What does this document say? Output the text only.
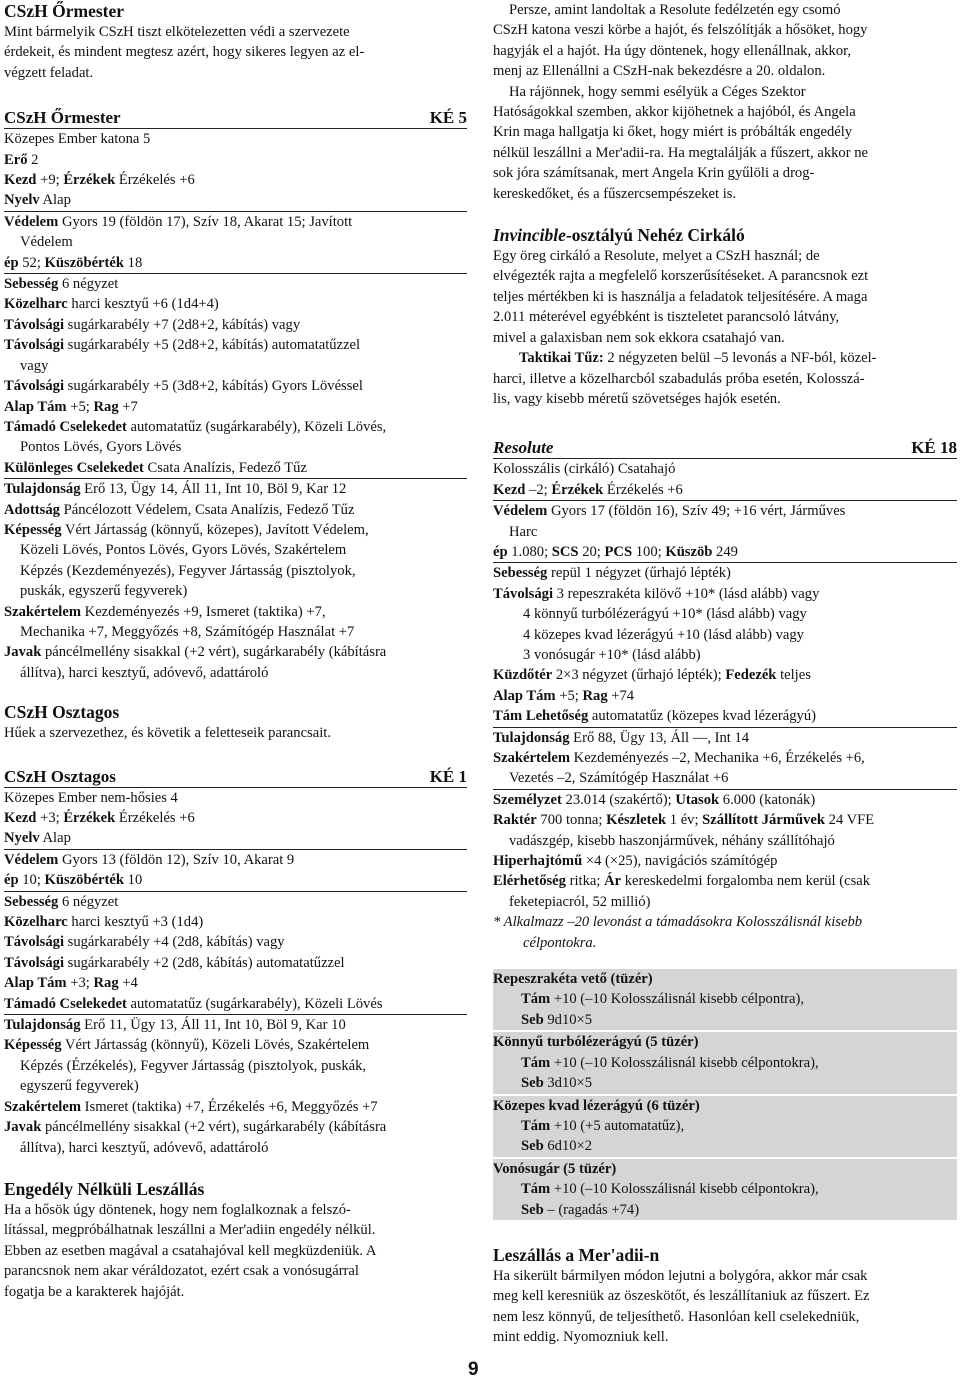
CSzH Őrmester
Mint bármelyik CSzH tiszt elkötelezetten védi a szervezete
érdekeit, és mindent megtesz azért, hogy sikeres legyen az el-
végzett feladat.
CSzH Őrmester	KÉ 5
Közepes Ember katona 5
Erő 2
Kezd +9; Érzékek Érzékelés +6
Nyelv Alap
Védelem Gyors 19 (földön 17), Szív 18, Akarat 15; Javított
Védelem
ép 52; Küszöbérték 18
Sebesség 6 négyzet
Közelharc harci kesztyű +6 (1d4+4)
Távolsági sugárkarabély +7 (2d8+2, kábítás) vagy
Távolsági sugárkarabély +5 (2d8+2, kábítás) automatatűzzel
vagy
Távolsági sugárkarabély +5 (3d8+2, kábítás) Gyors Lövéssel
Alap Tám +5; Rag +7
Támadó Cselekedet automatatűz (sugárkarabély), Közeli Lövés,
Pontos Lövés, Gyors Lövés
Különleges Cselekedet Csata Analízis, Fedező Tűz
Tulajdonság Erő 13, Ügy 14, Áll 11, Int 10, Böl 9, Kar 12
Adottság Páncélozott Védelem, Csata Analízis, Fedező Tűz
Képesség Vért Jártasság (könnyű, közepes), Javított Védelem,
Közeli Lövés, Pontos Lövés, Gyors Lövés, Szakértelem
Képzés (Kezdeményezés), Fegyver Jártasság (pisztolyok,
puskák, egyszerű fegyverek)
Szakértelem Kezdeményezés +9, Ismeret (taktika) +7,
Mechanika +7, Meggyőzés +8, Számítógép Használat +7
Javak páncélmellény sisakkal (+2 vért), sugárkarabély (kábításra
állítva), harci kesztyű, adóvevő, adattároló
CSzH Osztagos
Hűek a szervezethez, és követik a feletteseik parancsait.
CSzH Osztagos	KÉ 1
Közepes Ember nem-hősies 4
Kezd +3; Érzékek Érzékelés +6
Nyelv Alap
Védelem Gyors 13 (földön 12), Szív 10, Akarat 9
ép 10; Küszöbérték 10
Sebesség 6 négyzet
Közelharc harci kesztyű +3 (1d4)
Távolsági sugárkarabély +4 (2d8, kábítás) vagy
Távolsági sugárkarabély +2 (2d8, kábítás) automatatűzzel
Alap Tám +3; Rag +4
Támadó Cselekedet automatatűz (sugárkarabély), Közeli Lövés
Tulajdonság Erő 11, Ügy 13, Áll 11, Int 10, Böl 9, Kar 10
Képesség Vért Jártasság (könnyű), Közeli Lövés, Szakértelem
Képzés (Érzékelés), Fegyver Jártasság (pisztolyok, puskák,
egyszerű fegyverek)
Szakértelem Ismeret (taktika) +7, Érzékelés +6, Meggyőzés +7
Javak páncélmellény sisakkal (+2 vért), sugárkarabély (kábításra
állítva), harci kesztyű, adóvevő, adattároló
Engedély Nélküli Leszállás
Ha a hősök úgy döntenek, hogy nem foglalkoznak a felszó-
lítással, megpróbálhatnak leszállni a Mer'adiin engedély nélkül.
Ebben az esetben magával a csatahajóval kell megküzdeniük. A
parancsnok nem akar véráldozatot, ezért csak a vonósugárral
fogatja be a karakterek hajóját.
Persze, amint landoltak a Resolute fedélzetén egy csomó
CSzH katona veszi körbe a hajót, és felszólítják a hősöket, hogy
hagyják el a hajót. Ha úgy döntenek, hogy ellenállnak, akkor,
menj az Ellenállni a CSzH-nak bekezdésre a 20. oldalon.
Ha rájönnek, hogy semmi esélyük a Céges Szektor
Hatóságokkal szemben, akkor kijöhetnek a hajóból, és Angela
Krin maga hallgatja ki őket, hogy miért is próbálták engedély
nélkül leszállni a Mer'adii-ra. Ha megtalálják a fűszert, akkor ne
sok jóra számítsanak, mert Angela Krin gyűlöli a drog-
kereskedőket, és a fűszercsempészeket is.
Invincible-osztályú Nehéz Cirkáló
Egy öreg cirkáló a Resolute, melyet a CSzH használ; de
elvégezték rajta a megfelelő korszerűsítéseket. A parancsnok ezt
teljes mértékben ki is használja a feladatok teljesítésére. A maga
2.011 méterével egyébként is tiszteletet parancsoló látvány,
mivel a galaxisban nem sok ekkora csatahajó van.
Taktikai Tűz: 2 négyzeten belül –5 levonás a NF-ból, közel-
harci, illetve a közelharcból szabadulás próba esetén, Kolosszá-
lis, vagy kisebb méretű szövetséges hajók esetén.
Resolute	KÉ 18
Kolosszális (cirkáló) Csatahajó
Kezd –2; Érzékek Érzékelés +6
Védelem Gyors 17 (földön 16), Szív 49; +16 vért, Járműves
Harc
ép 1.080; SCS 20; PCS 100; Küszöb 249
Sebesség repül 1 négyzet (űrhajó lépték)
Távolsági 3 repeszrakéta kilövő +10* (lásd alább) vagy
4 könnyű turbólézerágyú +10* (lásd alább) vagy
4 közepes kvad lézerágyú +10 (lásd alább) vagy
3 vonósugár +10* (lásd alább)
Küzdőtér 2×3 négyzet (űrhajó lépték); Fedezék teljes
Alap Tám +5; Rag +74
Tám Lehetőség automatatűz (közepes kvad lézerágyú)
Tulajdonság Erő 88, Ügy 13, Áll —, Int 14
Szakértelem Kezdeményezés –2, Mechanika +6, Érzékelés +6,
Vezetés –2, Számítógép Használat +6
Személyzet 23.014 (szakértő); Utasok 6.000 (katonák)
Raktér 700 tonna; Készletek 1 év; Szállított Járművek 24 VFE
vadászgép, kisebb haszonjárművek, néhány szállítóhajó
Hiperhajtómű ×4 (×25), navigációs számítógép
Elérhetőség ritka; Ár kereskedelmi forgalomba nem kerül (csak
feketepiacról, 52 millió)
* Alkalmazz –20 levonást a támadásokra Kolosszálisnál kisebb
célpontokra.
Repeszrakéta vető (tüzér)
Tám +10 (–10 Kolosszálisnál kisebb célpontra),
Seb 9d10×5
Könnyű turbólézerágyú (5 tüzér)
Tám +10 (–10 Kolosszálisnál kisebb célpontokra),
Seb 3d10×5
Közepes kvad lézerágyú (6 tüzér)
Tám +10 (+5 automatatűz),
Seb 6d10×2
Vonósugár (5 tüzér)
Tám +10 (–10 Kolosszálisnál kisebb célpontokra),
Seb – (ragadás +74)
Leszállás a Mer'adii-n
Ha sikerült bármilyen módon lejutni a bolygóra, akkor már csak
meg kell keresniük az öszeskötőt, és leszállítaniuk az fűszert. Ez
nem lesz könnyű, de teljesíthető. Hasonlóan kell cselekedniük,
mint eddig. Nyomozniuk kell.
9
